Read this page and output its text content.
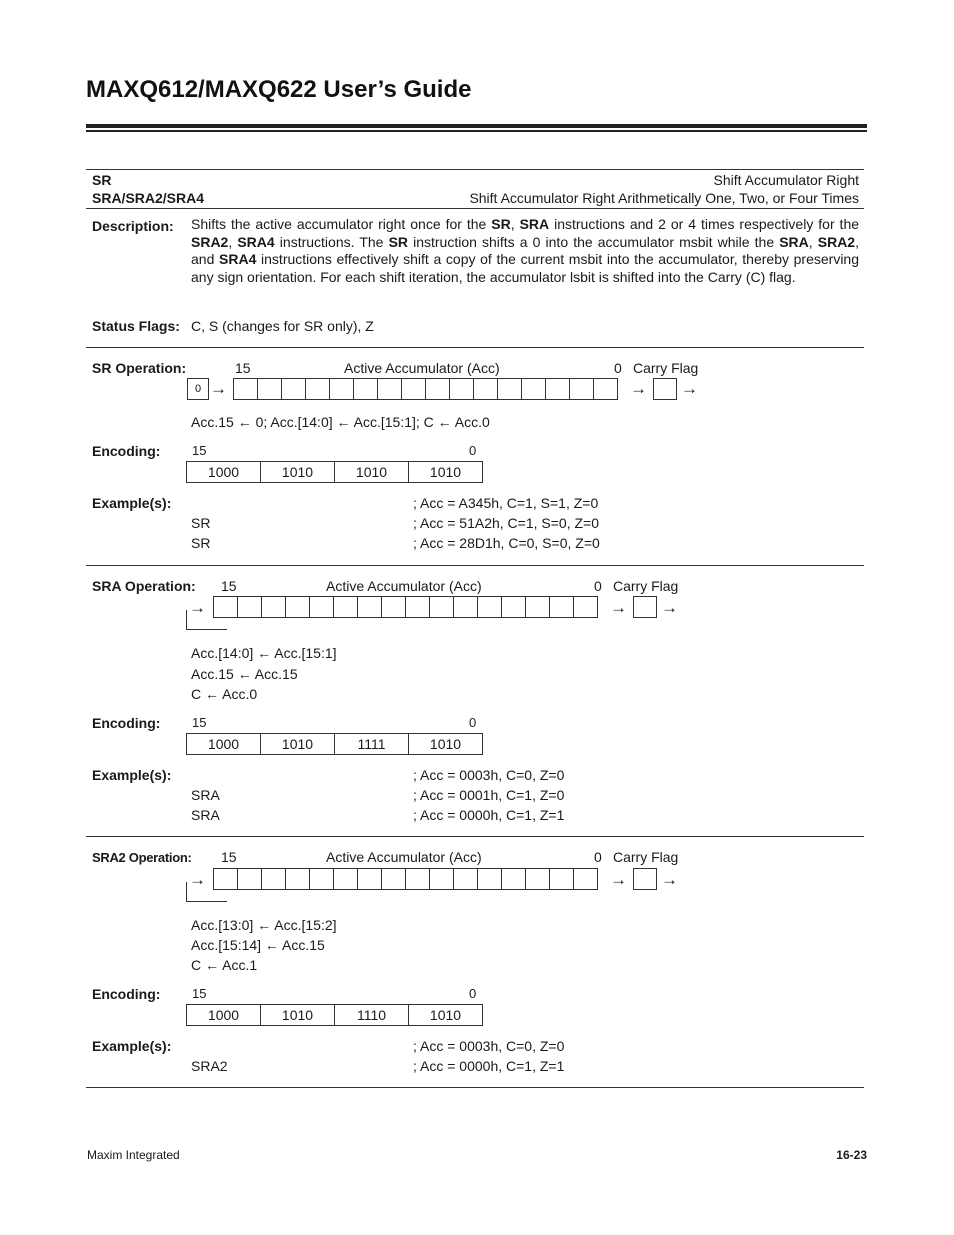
MAXQ612/MAXQ622 User’s Guide
SR	Shift Accumulator Right
SRA/SRA2/SRA4	Shift Accumulator Right Arithmetically One, Two, or Four Times
Description: Shifts the active accumulator right once for the SR, SRA instructions and 2 or 4 times respectively for the SRA2, SRA4 instructions. The SR instruction shifts a 0 into the accumulator msbit while the SRA, SRA2, and SRA4 instructions effectively shift a copy of the current msbit into the accumulator, thereby preserving any sign orientation. For each shift iteration, the accumulator lsbit is shifted into the Carry (C) flag.
Status Flags: C, S (changes for SR only), Z
SR Operation:	15	Active Accumulator (Acc)	0 Carry Flag
0 →	→ →
Acc.15 ← 0; Acc.[14:0] ← Acc.[15:1]; C ← Acc.0
Encoding: 15	0
1000	1010	1010	1010
Example(s):	; Acc = A345h, C=1, S=1, Z=0
SR	; Acc = 51A2h, C=1, S=0, Z=0
SR	; Acc = 28D1h, C=0, S=0, Z=0
SRA Operation: 15	Active Accumulator (Acc)	0 Carry Flag
→	→ →
Acc.[14:0] ← Acc.[15:1]
Acc.15 ← Acc.15
C ← Acc.0
Encoding: 15	0
1000	1010	1111	1010
Example(s):	; Acc = 0003h, C=0, Z=0
SRA	; Acc = 0001h, C=1, Z=0
SRA	; Acc = 0000h, C=1, Z=1
SRA2 Operation: 15	Active Accumulator (Acc)	0 Carry Flag
→	→ →
Acc.[13:0] ← Acc.[15:2]
Acc.[15:14] ← Acc.15
C ← Acc.1
Encoding: 15	0
1000	1010	1110	1010
Example(s):	; Acc = 0003h, C=0, Z=0
SRA2	; Acc = 0000h, C=1, Z=1
Maxim Integrated	16-23
